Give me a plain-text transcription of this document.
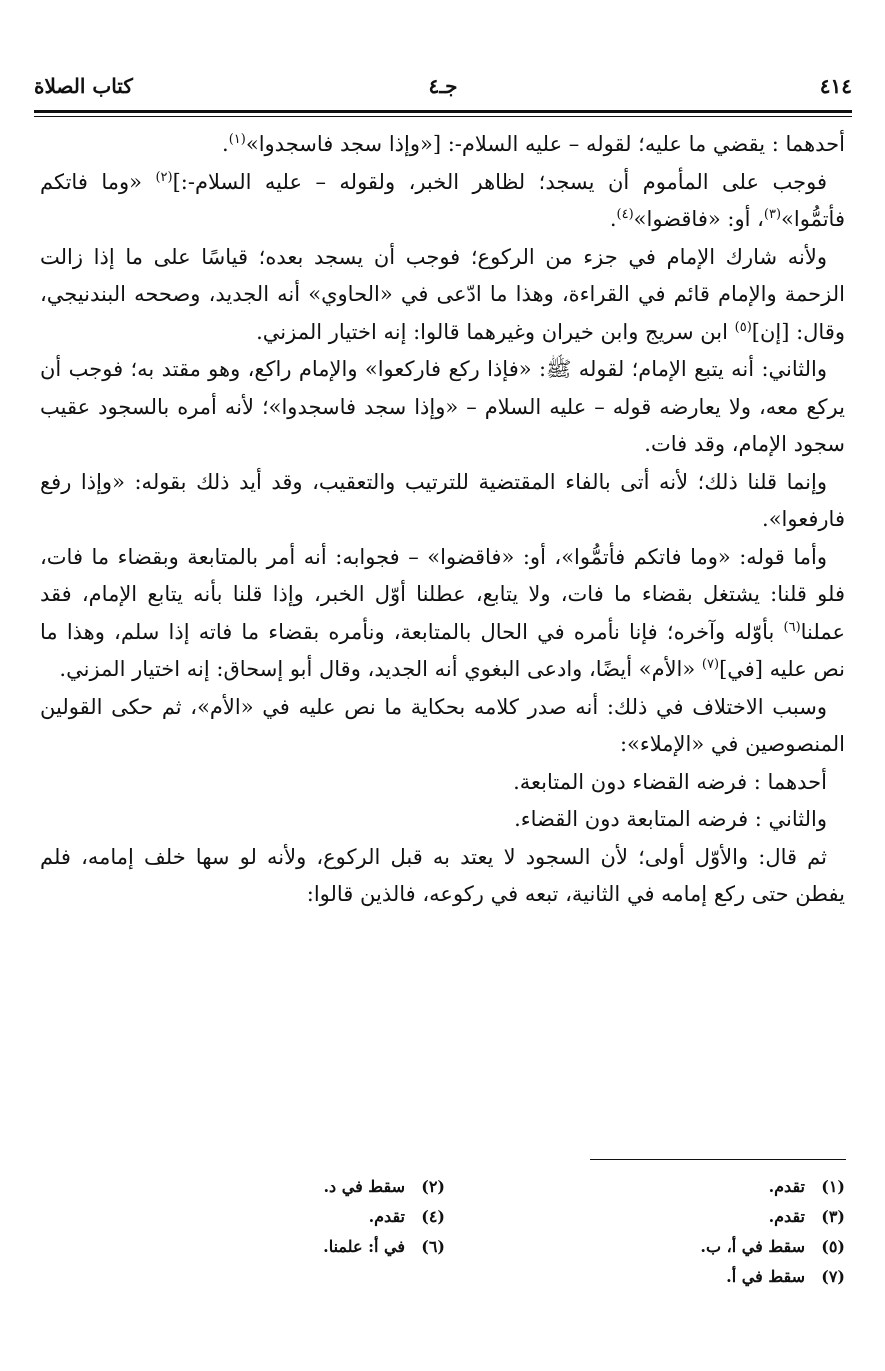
٤١٤
جـ٤
كتاب الصلاة

أحدهما : يقضي ما عليه؛ لقوله – عليه السلام-: [«وإذا سجد فاسجدوا»$^{(١)}$.

فوجب على المأموم أن يسجد؛ لظاهر الخبر، ولقوله – عليه السلام-:]$^{(٢)}$ «وما فاتكم فأتمُّوا»$^{(٣)}$، أو: «فاقضوا»$^{(٤)}$.

ولأنه شارك الإمام في جزء من الركوع؛ فوجب أن يسجد بعده؛ قياسًا على ما إذا زالت الزحمة والإمام قائم في القراءة، وهذا ما ادّعى في «الحاوي» أنه الجديد، وصححه البندنيجي، وقال: [إن]$^{(٥)}$ ابن سريج وابن خيران وغيرهما قالوا: إنه اختيار المزني.

والثاني: أنه يتبع الإمام؛ لقوله ﷺ: «فإذا ركع فاركعوا» والإمام راكع، وهو مقتد به؛ فوجب أن يركع معه، ولا يعارضه قوله – عليه السلام – «وإذا سجد فاسجدوا»؛ لأنه أمره بالسجود عقيب سجود الإمام، وقد فات.

وإنما قلنا ذلك؛ لأنه أتى بالفاء المقتضية للترتيب والتعقيب، وقد أيد ذلك بقوله: «وإذا رفع فارفعوا».

وأما قوله: «وما فاتكم فأتمُّوا»، أو: «فاقضوا» – فجوابه: أنه أمر بالمتابعة وبقضاء ما فات، فلو قلنا: يشتغل بقضاء ما فات، ولا يتابع، عطلنا أوّل الخبر، وإذا قلنا بأنه يتابع الإمام، فقد عملنا$^{(٦)}$ بأوّله وآخره؛ فإنا نأمره في الحال بالمتابعة، ونأمره بقضاء ما فاته إذا سلم، وهذا ما نص عليه [في]$^{(٧)}$ «الأم» أيضًا، وادعى البغوي أنه الجديد، وقال أبو إسحاق: إنه اختيار المزني.

وسبب الاختلاف في ذلك: أنه صدر كلامه بحكاية ما نص عليه في «الأم»، ثم حكى القولين المنصوصين في «الإملاء»:

أحدهما : فرضه القضاء دون المتابعة.

والثاني : فرضه المتابعة دون القضاء.

ثم قال: والأوّل أولى؛ لأن السجود لا يعتد به قبل الركوع، ولأنه لو سها خلف إمامه، فلم يفطن حتى ركع إمامه في الثانية، تبعه في ركوعه، فالذين قالوا:

(١)تقدم.
(٢)سقط في د.
(٣)تقدم.
(٤)تقدم.
(٥)سقط في أ، ب.
(٦)في أ: علمنا.
(٧)سقط في أ.
